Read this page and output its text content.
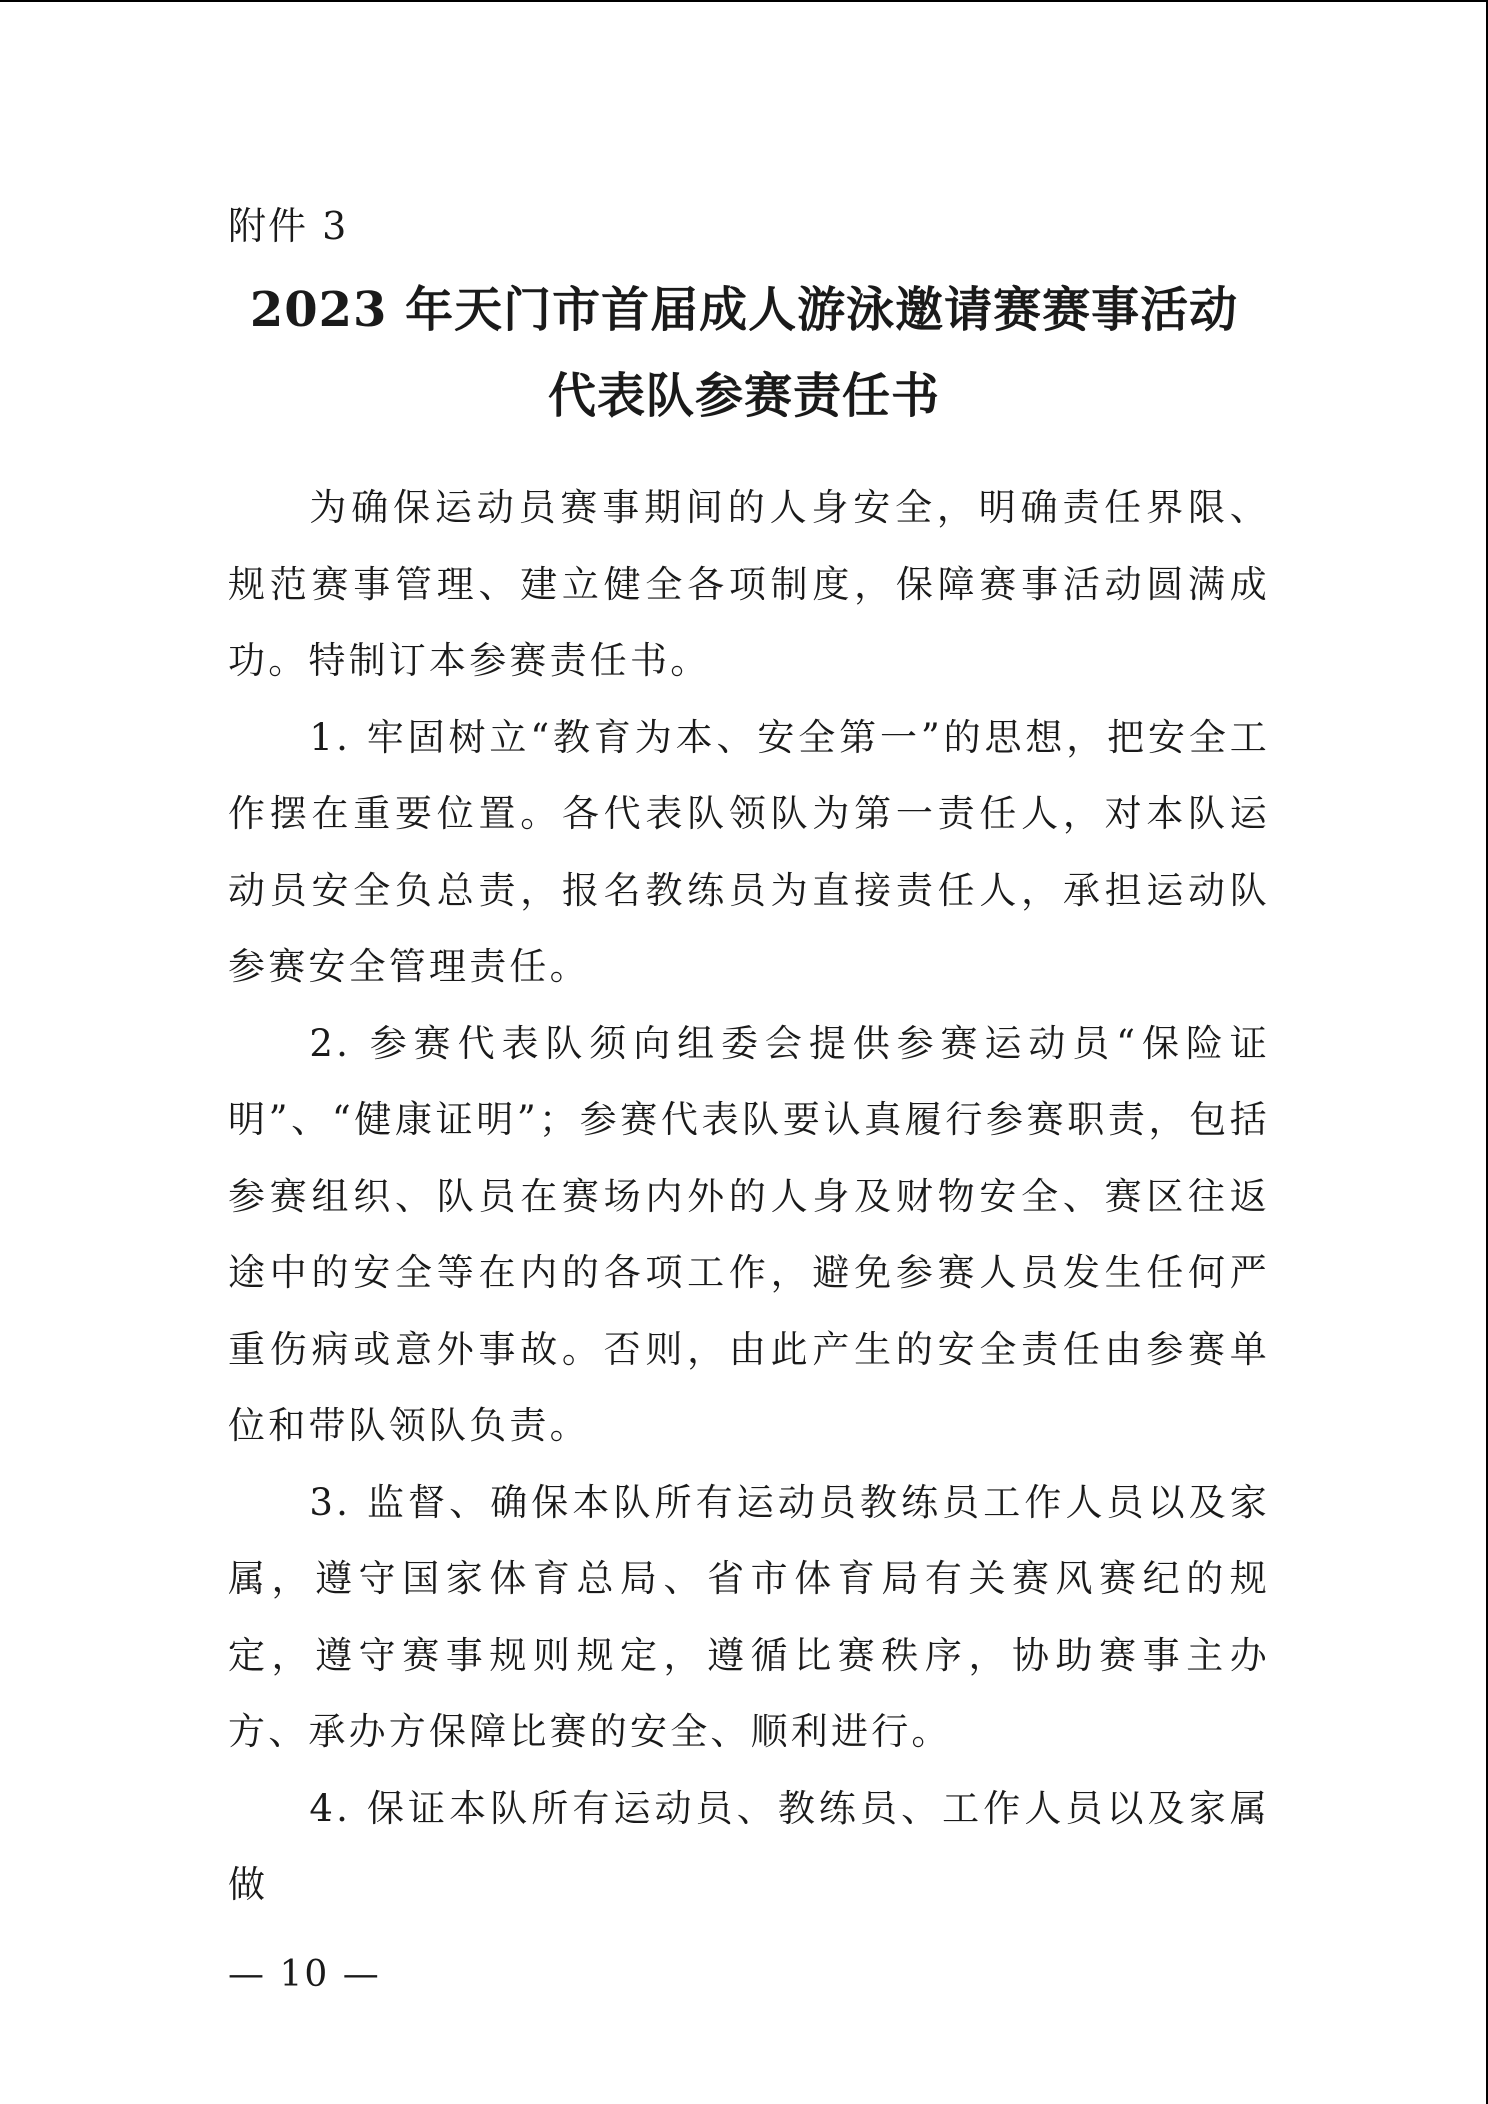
附件 3
2023 年天门市首届成人游泳邀请赛赛事活动
代表队参赛责任书

为确保运动员赛事期间的人身安全，明确责任界限、规范赛事管理、建立健全各项制度，保障赛事活动圆满成功。特制订本参赛责任书。

1. 牢固树立“教育为本、安全第一”的思想，把安全工作摆在重要位置。各代表队领队为第一责任人，对本队运动员安全负总责，报名教练员为直接责任人，承担运动队参赛安全管理责任。

2. 参赛代表队须向组委会提供参赛运动员“保险证明”、“健康证明”；参赛代表队要认真履行参赛职责，包括参赛组织、队员在赛场内外的人身及财物安全、赛区往返途中的安全等在内的各项工作，避免参赛人员发生任何严重伤病或意外事故。否则，由此产生的安全责任由参赛单位和带队领队负责。

3. 监督、确保本队所有运动员教练员工作人员以及家属，遵守国家体育总局、省市体育局有关赛风赛纪的规定，遵守赛事规则规定，遵循比赛秩序，协助赛事主办方、承办方保障比赛的安全、顺利进行。

4. 保证本队所有运动员、教练员、工作人员以及家属做

— 10 —
